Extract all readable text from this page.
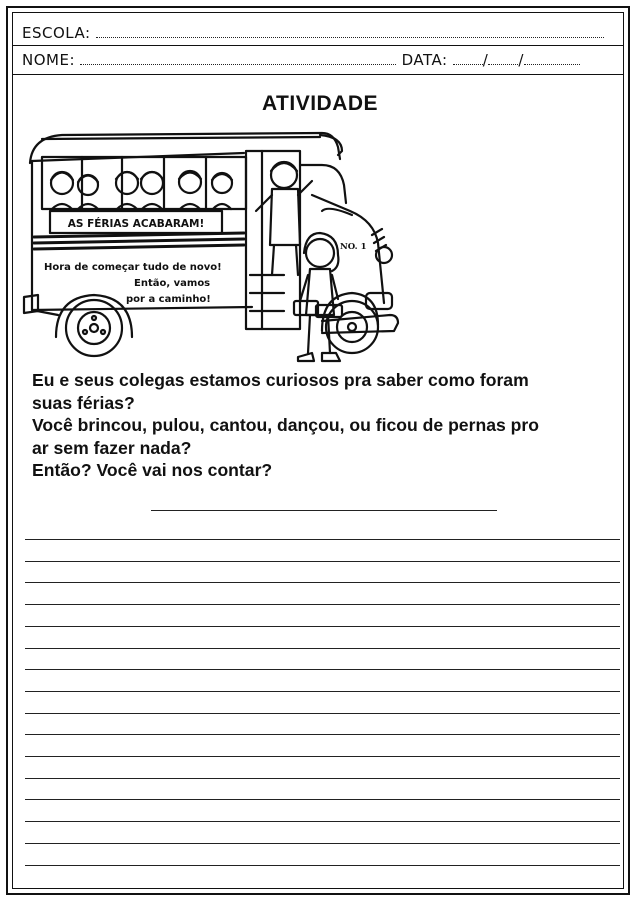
ESCOLA:
NOME:	DATA: / /
ATIVIDADE
AS FÉRIAS ACABARAM!
Hora de começar tudo de novo!
Então, vamos
por a caminho!
NO. 1
Eu e seus colegas estamos curiosos pra saber como foram
suas férias?
Você brincou, pulou, cantou, dançou, ou ficou de pernas pro
ar sem fazer nada?
Então? Você vai nos contar?
